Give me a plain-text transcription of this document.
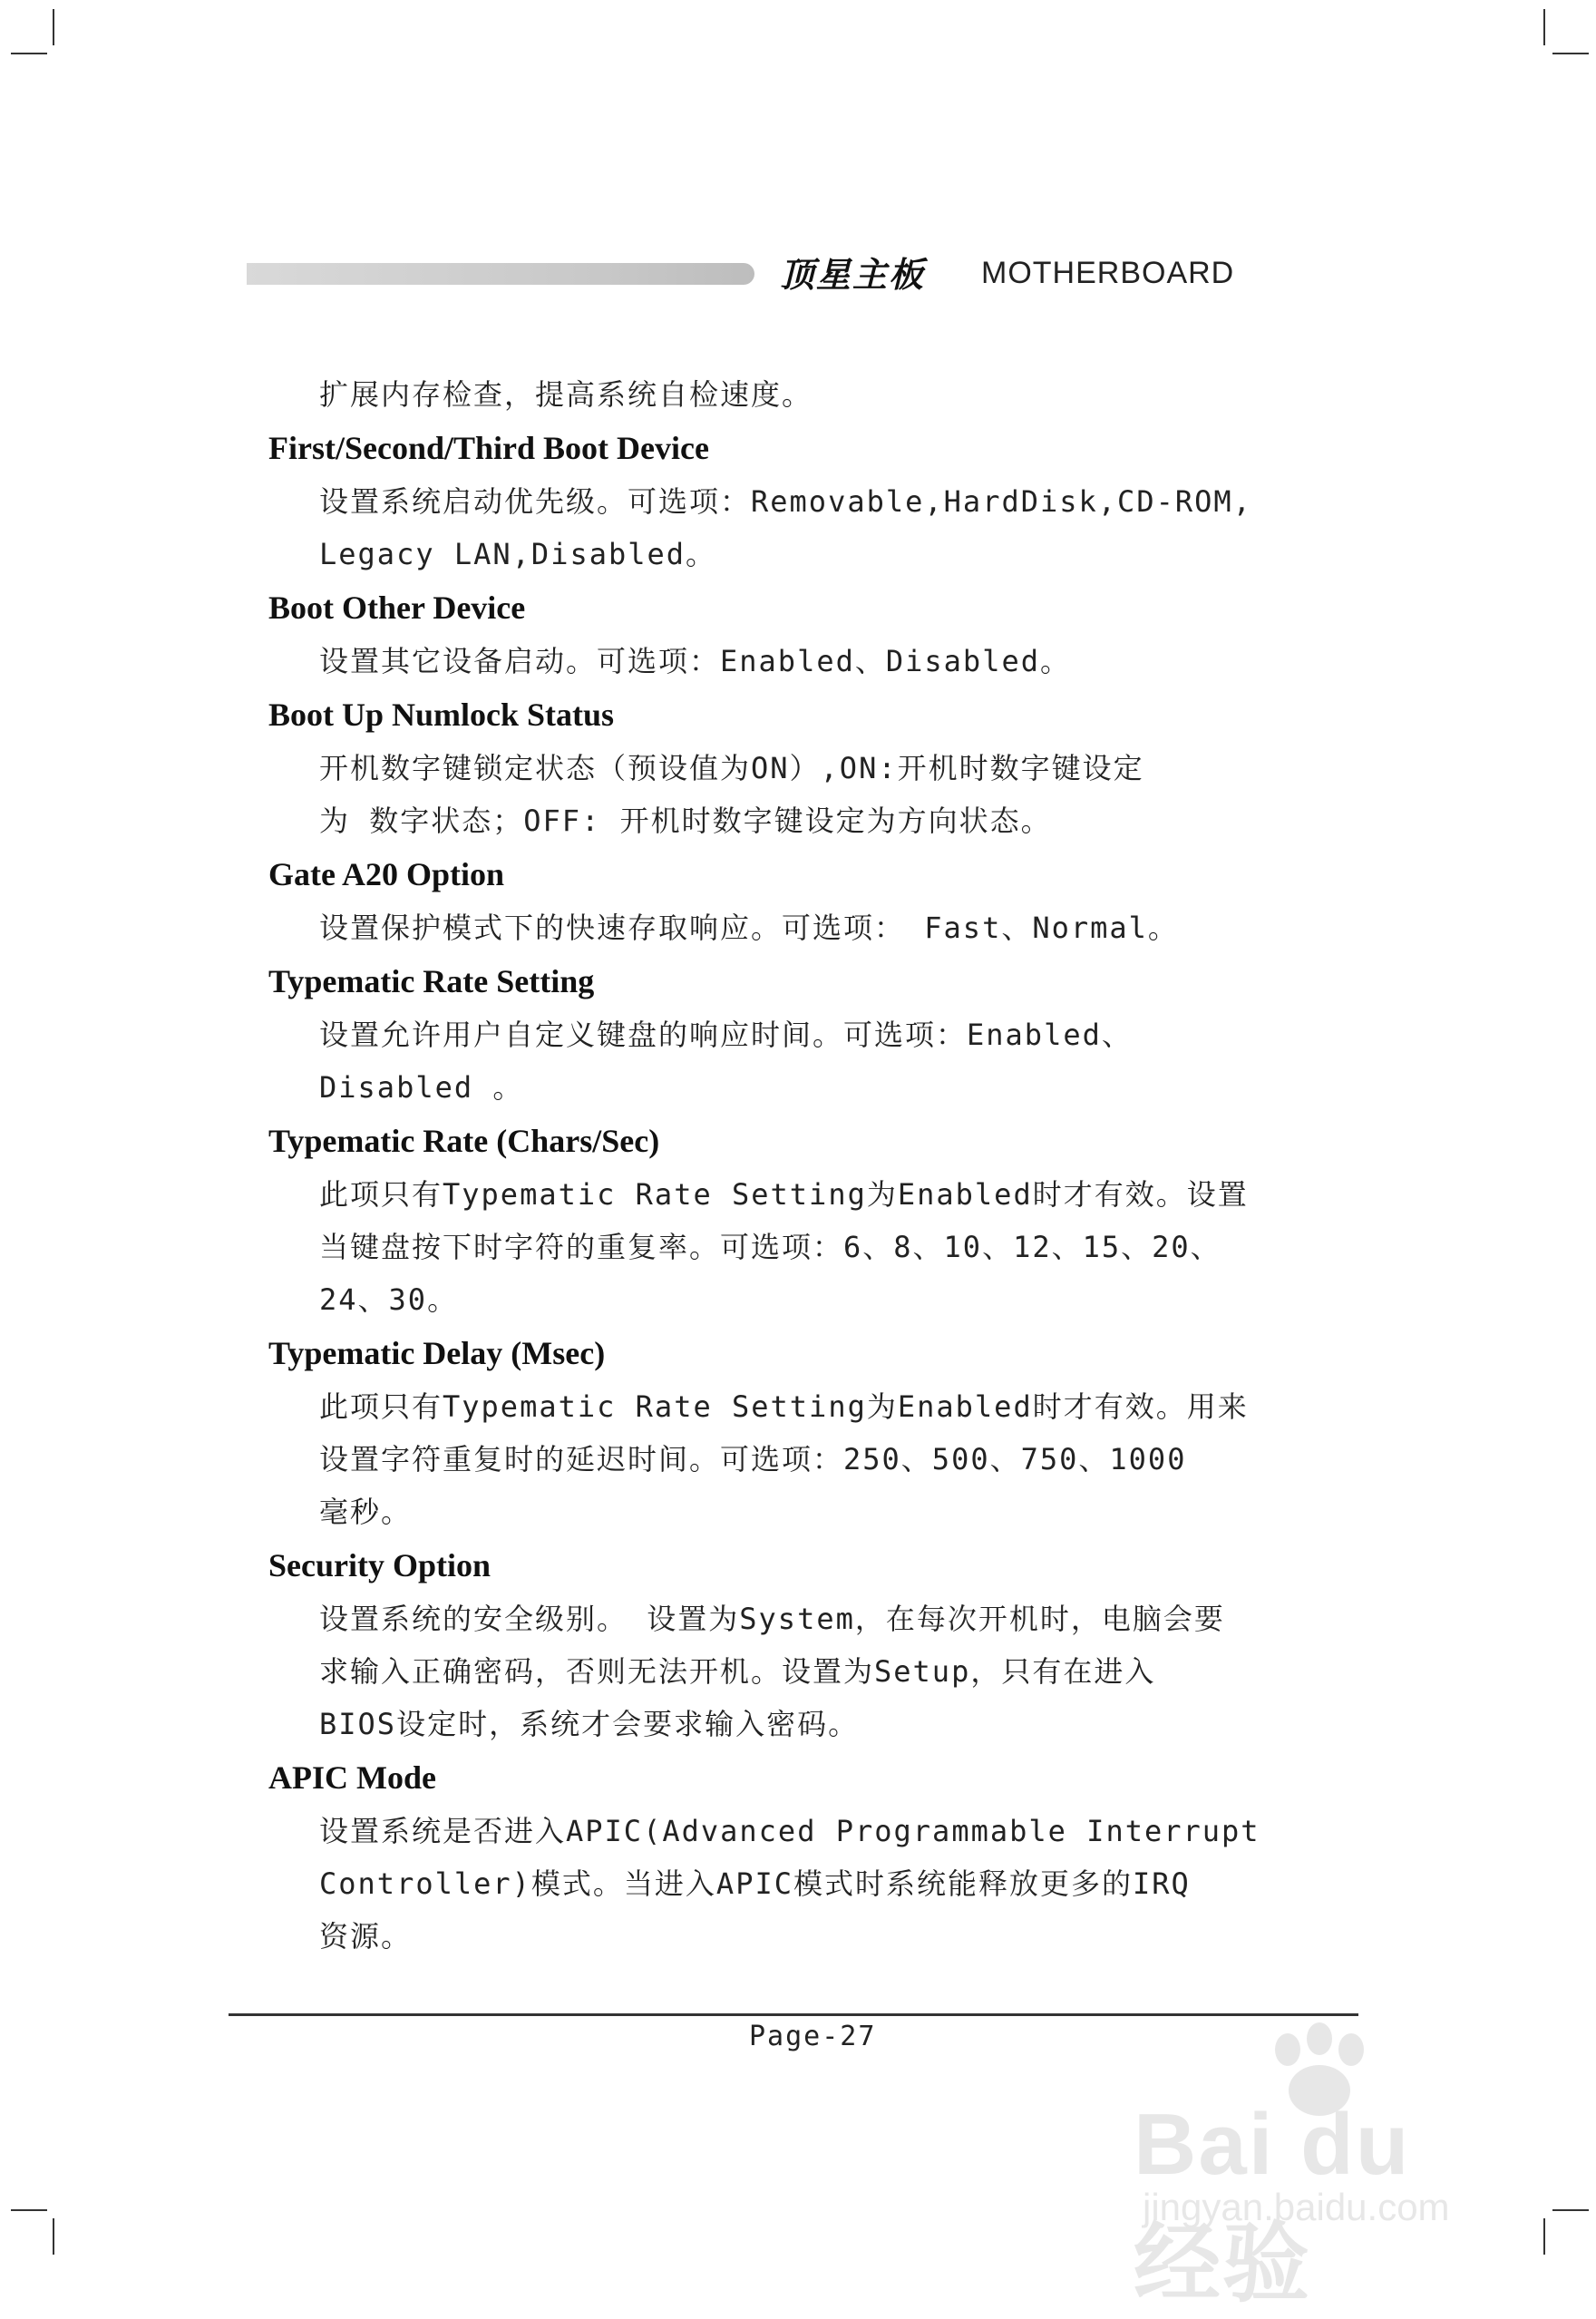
顶星主板 MOTHERBOARD

扩展内存检查，提高系统自检速度。

First/Second/Third Boot Device

设置系统启动优先级。可选项：Removable,HardDisk,CD-ROM,
Legacy LAN,Disabled。

Boot Other Device

设置其它设备启动。可选项：Enabled、Disabled。

Boot Up Numlock Status

开机数字键锁定状态（预设值为ON）,ON:开机时数字键设定
为 数字状态；OFF: 开机时数字键设定为方向状态。

Gate A20 Option

设置保护模式下的快速存取响应。可选项： Fast、Normal。

Typematic Rate Setting

设置允许用户自定义键盘的响应时间。可选项：Enabled、
Disabled 。

Typematic Rate (Chars/Sec)

此项只有Typematic Rate Setting为Enabled时才有效。设置
当键盘按下时字符的重复率。可选项：6、8、10、12、15、20、
24、30。

Typematic Delay (Msec)

此项只有Typematic Rate Setting为Enabled时才有效。用来
设置字符重复时的延迟时间。可选项：250、500、750、1000
毫秒。

Security Option

设置系统的安全级别。 设置为System，在每次开机时，电脑会要
求输入正确密码，否则无法开机。设置为Setup，只有在进入
BIOS设定时，系统才会要求输入密码。

APIC Mode

设置系统是否进入APIC(Advanced Programmable Interrupt
Controller)模式。当进入APIC模式时系统能释放更多的IRQ
资源。

Page-27
Bai du 经验
jingyan.baidu.com
